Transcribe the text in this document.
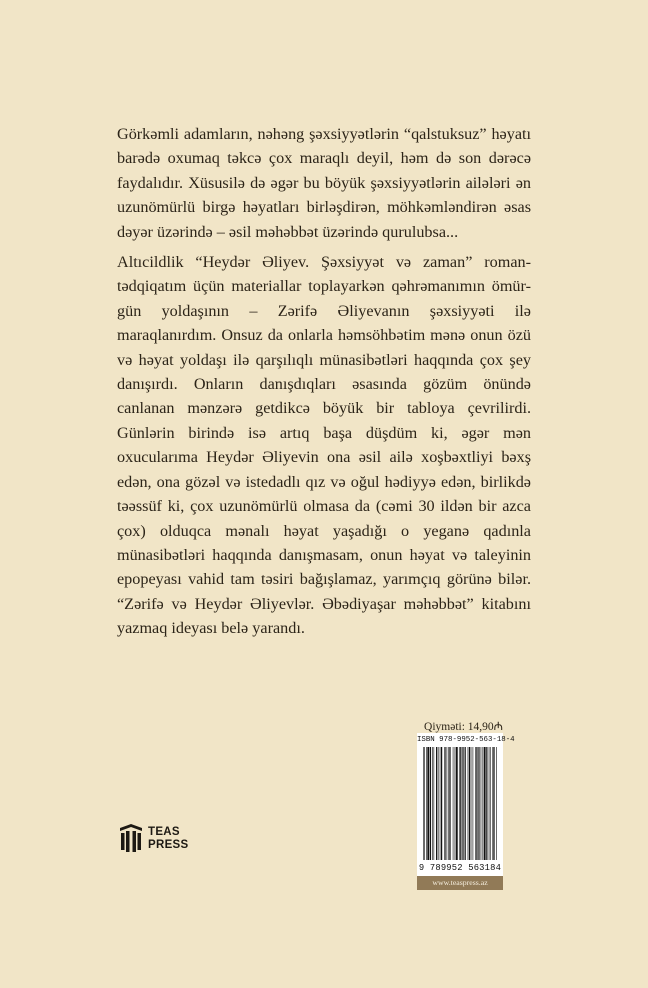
Görkəmli adamların, nəhəng şəxsiyyətlərin “qalstuksuz” həyatı barədə oxumaq təkcə çox maraqlı deyil, həm də son dərəcə faydalıdır. Xüsusilə də əgər bu böyük şəxsiyyətlərin ailələri ən uzunömürlü birgə həyatları birləşdirən, möhkəmləndirən əsas dəyər üzərində – əsil məhəbbət üzərində qurulubsa...

Altıcildlik “Heydər Əliyev. Şəxsiyyət və zaman” roman-tədqiqatım üçün materiallar toplayarkən qəhrəmanımın ömür-gün yoldaşının – Zərifə Əliyevanın şəxsiyyəti ilə maraqlanırdım. Onsuz da onlarla həmsöhbətim mənə onun özü və həyat yoldaşı ilə qarşılıqlı münasibətləri haqqında çox şey danışırdı. Onların danışdıqları əsasında gözüm önündə canlanan mənzərə getdikcə böyük bir tabloya çevrilirdi. Günlərin birində isə artıq başa düşdüm ki, əgər mən oxucularıma Heydər Əliyevin ona əsil ailə xoşbəxtliyi bəxş edən, ona gözəl və istedadlı qız və oğul hədiyyə edən, birlikdə təəssüf ki, çox uzunömürlü olmasa da (cəmi 30 ildən bir azca çox) olduqca mənalı həyat yaşadığı o yeganə qadınla münasibətləri haqqında danışmasam, onun həyat və taleyinin epopeyası vahid tam təsiri bağışlamaz, yarımçıq görünə bilər. “Zərifə və Heydər Əliyevlər. Əbədiyaşar məhəbbət” kitabını yazmaq ideyası belə yarandı.

TEAS
PRESS
Qiymәti: 14,90₼
ISBN 978-9952-563-18-4
9 789952 563184
www.teaspress.az
